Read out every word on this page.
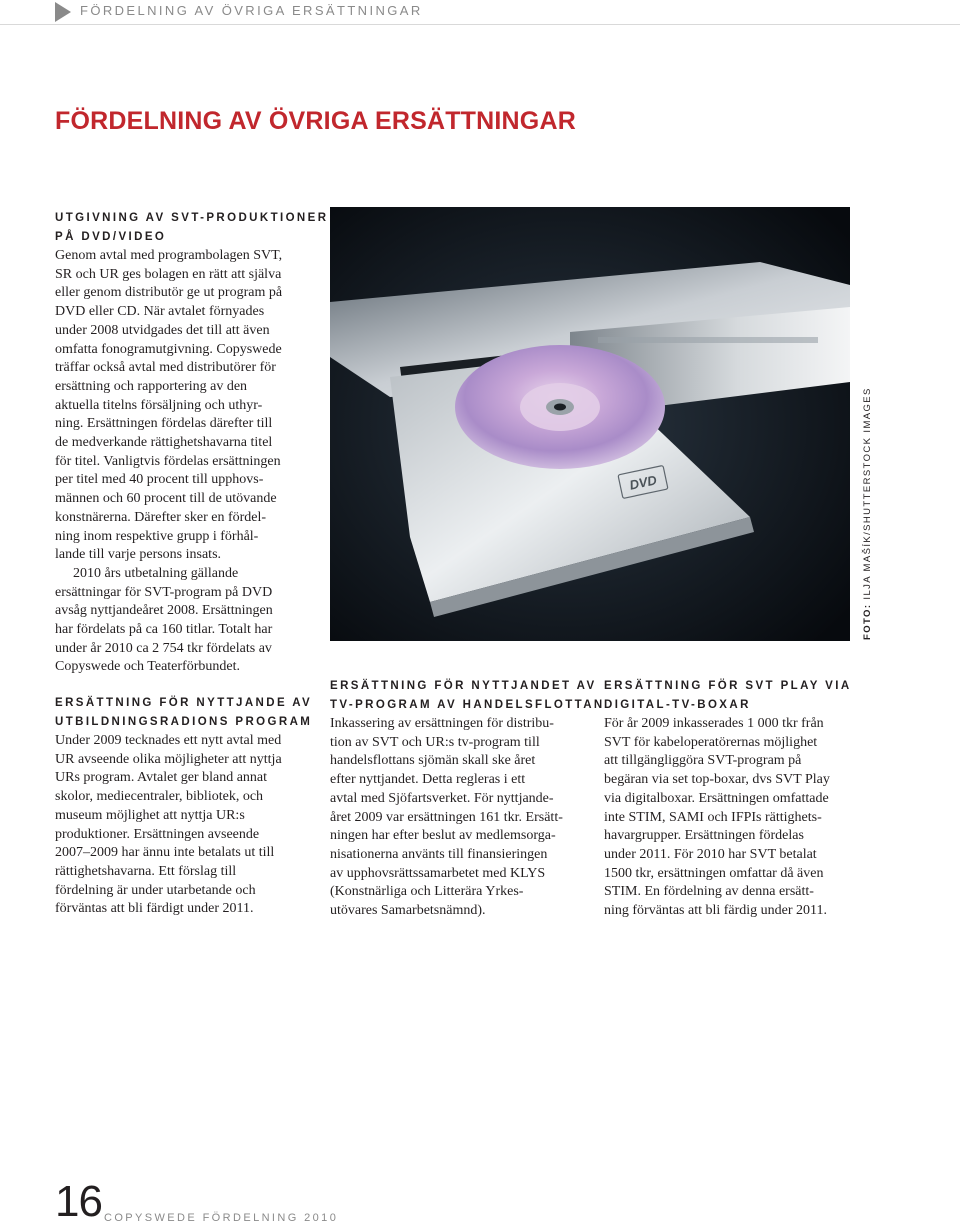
FÖRDELNING AV ÖVRIGA ERSÄTTNINGAR
FÖRDELNING AV ÖVRIGA ERSÄTTNINGAR
UTGIVNING AV SVT-PRODUKTIONER
PÅ DVD/VIDEO

Genom avtal med programbolagen SVT,
SR och UR ges bolagen en rätt att själva
eller genom distributör ge ut program på
DVD eller CD. När avtalet förnyades
under 2008 utvidgades det till att även
omfatta fonogramutgivning. Copyswede
träffar också avtal med distributörer för
ersättning och rapportering av den
aktuella titelns försäljning och uthyr-
ning. Ersättningen fördelas därefter till
de medverkande rättighetshavarna titel
för titel. Vanligtvis fördelas ersättningen
per titel med 40 procent till upphovs-
männen och 60 procent till de utövande
konstnärerna. Därefter sker en fördel-
ning inom respektive grupp i förhål-
lande till varje persons insats.
2010 års utbetalning gällande
ersättningar för SVT-program på DVD
avsåg nyttjandeåret 2008. Ersättningen
har fördelats på ca 160 titlar. Totalt har
under år 2010 ca 2 754 tkr fördelats av
Copyswede och Teaterförbundet.

ERSÄTTNING FÖR NYTTJANDE AV
UTBILDNINGSRADIONS PROGRAM

Under 2009 tecknades ett nytt avtal med
UR avseende olika möjligheter att nyttja
URs program. Avtalet ger bland annat
skolor, mediecentraler, bibliotek, och
museum möjlighet att nyttja UR:s
produktioner. Ersättningen avseende
2007–2009 har ännu inte betalats ut till
rättighetshavarna. Ett förslag till
fördelning är under utarbetande och
förväntas att bli färdigt under 2011.

DVD
FOTO: ILJA MAŠÍK/SHUTTERSTOCK IMAGES
ERSÄTTNING FÖR NYTTJANDET AV
TV-PROGRAM AV HANDELSFLOTTAN

Inkassering av ersättningen för distribu-
tion av SVT och UR:s tv-program till
handelsflottans sjömän skall ske året
efter nyttjandet. Detta regleras i ett
avtal med Sjöfartsverket. För nyttjande-
året 2009 var ersättningen 161 tkr. Ersätt-
ningen har efter beslut av medlemsorga-
nisationerna använts till finansieringen
av upphovsrättssamarbetet med KLYS
(Konstnärliga och Litterära Yrkes-
utövares Samarbetsnämnd).

ERSÄTTNING FÖR SVT PLAY VIA
DIGITAL-TV-BOXAR

För år 2009 inkasserades 1 000 tkr från
SVT för kabeloperatörernas möjlighet
att tillgängliggöra SVT-program på
begäran via set top-boxar, dvs SVT Play
via digitalboxar. Ersättningen omfattade
inte STIM, SAMI och IFPIs rättighets-
havargrupper. Ersättningen fördelas
under 2011. För 2010 har SVT betalat
1500 tkr, ersättningen omfattar då även
STIM. En fördelning av denna ersätt-
ning förväntas att bli färdig under 2011.

16 COPYSWEDE FÖRDELNING 2010
